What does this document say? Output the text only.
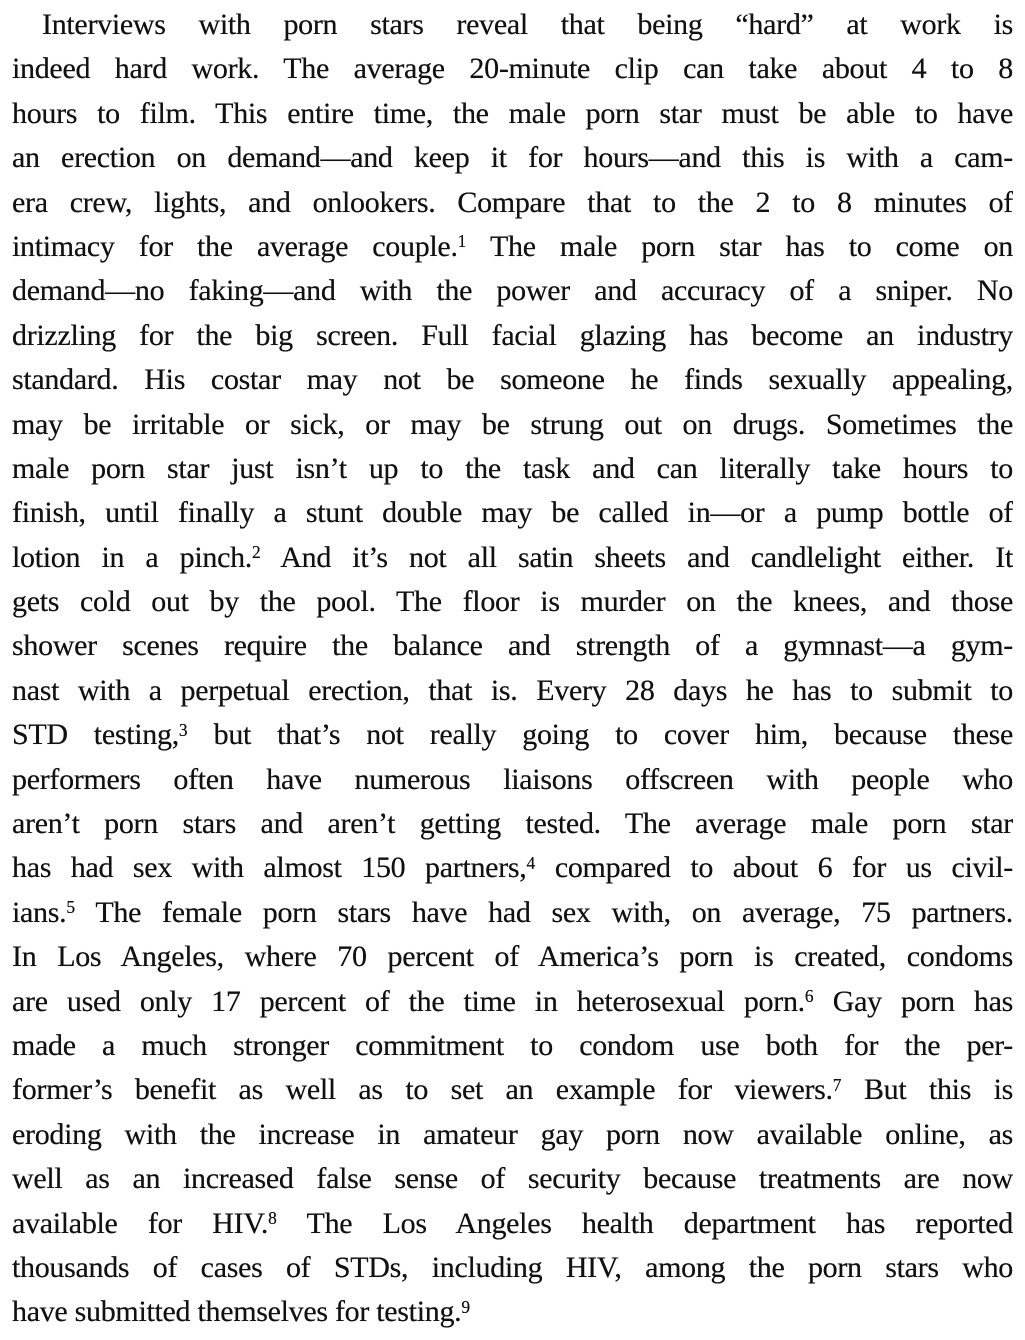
Interviews with porn stars reveal that being “hard” at work is
indeed hard work. The average 20-minute clip can take about 4 to 8
hours to film. This entire time, the male porn star must be able to have
an erection on demand—and keep it for hours—and this is with a cam-
era crew, lights, and onlookers. Compare that to the 2 to 8 minutes of
intimacy for the average couple.$^1$ The male porn star has to come on
demand—no faking—and with the power and accuracy of a sniper. No
drizzling for the big screen. Full facial glazing has become an industry
standard. His costar may not be someone he finds sexually appealing,
may be irritable or sick, or may be strung out on drugs. Sometimes the
male porn star just isn’t up to the task and can literally take hours to
finish, until finally a stunt double may be called in—or a pump bottle of
lotion in a pinch.$^2$ And it’s not all satin sheets and candlelight either. It
gets cold out by the pool. The floor is murder on the knees, and those
shower scenes require the balance and strength of a gymnast—a gym-
nast with a perpetual erection, that is. Every 28 days he has to submit to
STD testing,$^3$ but that’s not really going to cover him, because these
performers often have numerous liaisons offscreen with people who
aren’t porn stars and aren’t getting tested. The average male porn star
has had sex with almost 150 partners,$^4$ compared to about 6 for us civil-
ians.$^5$ The female porn stars have had sex with, on average, 75 partners.
In Los Angeles, where 70 percent of America’s porn is created, condoms
are used only 17 percent of the time in heterosexual porn.$^6$ Gay porn has
made a much stronger commitment to condom use both for the per-
former’s benefit as well as to set an example for viewers.$^7$ But this is
eroding with the increase in amateur gay porn now available online, as
well as an increased false sense of security because treatments are now
available for HIV.$^8$ The Los Angeles health department has reported
thousands of cases of STDs, including HIV, among the porn stars who
have submitted themselves for testing.$^9$
